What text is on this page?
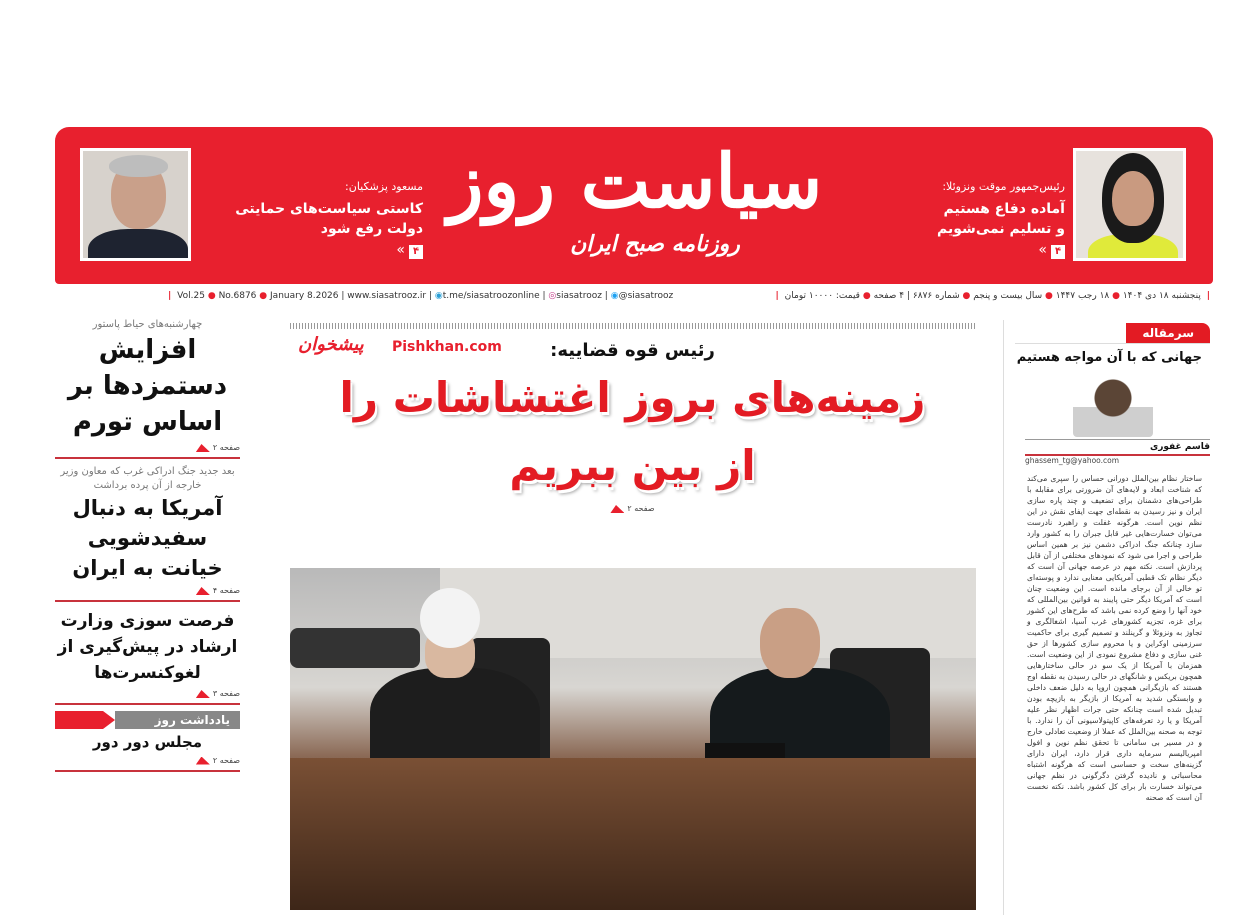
مسعود پزشکیان:
کاستی سیاست‌های حمایتی
دولت رفع شود
۴»
سیاست روز
روزنامه صبح ایران
رئیس‌جمهور موقت ونزوئلا:
آماده دفاع هستیم
و تسلیم نمی‌شویم
۴»
| Vol.25 ● No.6876 ● January 8.2026 | www.siasatrooz.ir | ◉t.me/siasatroozonline | ◎siasatrooz | ◉@siasatrooz	| پنجشنبه ۱۸ دی ۱۴۰۴ ● ۱۸ رجب ۱۴۴۷ ● سال بیست و پنجم ● شماره ۶۸۷۶ | ۴ صفحه ● قیمت: ۱۰۰۰۰ تومان |
چهارشنبه‌های حیاط پاستور
افزایش دستمزدها بر اساس تورم
صفحه ۲
بعد جدید جنگ ادراکی غرب که معاون وزیر خارجه از آن پرده برداشت
آمریکا به دنبال سفیدشویی خیانت به ایران
صفحه ۴
فرصت سوزی وزارت ارشاد در پیش‌گیری از لغوکنسرت‌ها
صفحه ۳
یادداشت روز
مجلس دور دور
صفحه ۲
پیشخوان Pishkhan.com	رئیس قوه قضاییه:
زمینه‌های بروز اغتشاشات را
از بین ببریم
صفحه ۲
سرمقاله
جهانی که با آن مواجه هستیم
قاسم غفوری
ghassem_tg@yahoo.com
ساختار نظام بین‌الملل دورانی حساس را سپری می‌کند که شناخت ابعاد و لایه‌های آن ضرورتی برای مقابله با طراحی‌های دشمنان برای تضعیف و چند پاره سازی ایران و نیز رسیدن به نقطه‌ای جهت ایفای نقش در این نظم نوین است. هرگونه غفلت و راهبرد نادرست می‌توان خسارت‌هایی غیر قابل جبران را به کشور وارد سازد چنانکه جنگ ادراکی دشمن نیز بر همین اساس طراحی و اجرا می شود که نمودهای مختلفی از آن قابل پردازش است. نکته مهم در عرصه جهانی آن است که دیگر نظام تک قطبی آمریکایی معنایی ندارد و پوسته‌ای تو خالی از آن برجای مانده است. این وضعیت چنان است که آمریکا دیگر حتی پایبند به قوانین بین‌المللی که خود آنها را وضع کرده نمی باشد که طرح‌های این کشور برای غزه، تجزیه کشورهای غرب آسیا، اشغالگری و تجاوز به ونزوئلا و گرینلند و تصمیم گیری برای حاکمیت سرزمینی اوکراین و یا محروم سازی کشورها از حق غنی سازی و دفاع مشروع نمودی از این وضعیت است. همزمان با آمریکا از یک سو در حالی ساختارهایی همچون بریکس و شانگهای در حالی رسیدن به نقطه اوج هستند که بازیگرانی همچون اروپا به دلیل ضعف داخلی و وابستگی شدید به آمریکا از بازیگر به بازیچه بودن تبدیل شده است چنانکه حتی جرات اظهار نظر علیه آمریکا و یا رد تعرفه‌های کاپیتولاسیونی آن را ندارد. با توجه به صحنه بین‌الملل که عملا از وضعیت تعادلی خارج و در مسیر بی سامانی تا تحقق نظم نوین و افول امپریالیسم سرمایه داری قرار دارد، ایران دارای گزینه‌های سخت و حساسی است که هرگونه اشتباه محاسباتی و نادیده گرفتن دگرگونی در نظم جهانی می‌تواند خسارت بار برای کل کشور باشد. نکته نخست آن است که صحنه
